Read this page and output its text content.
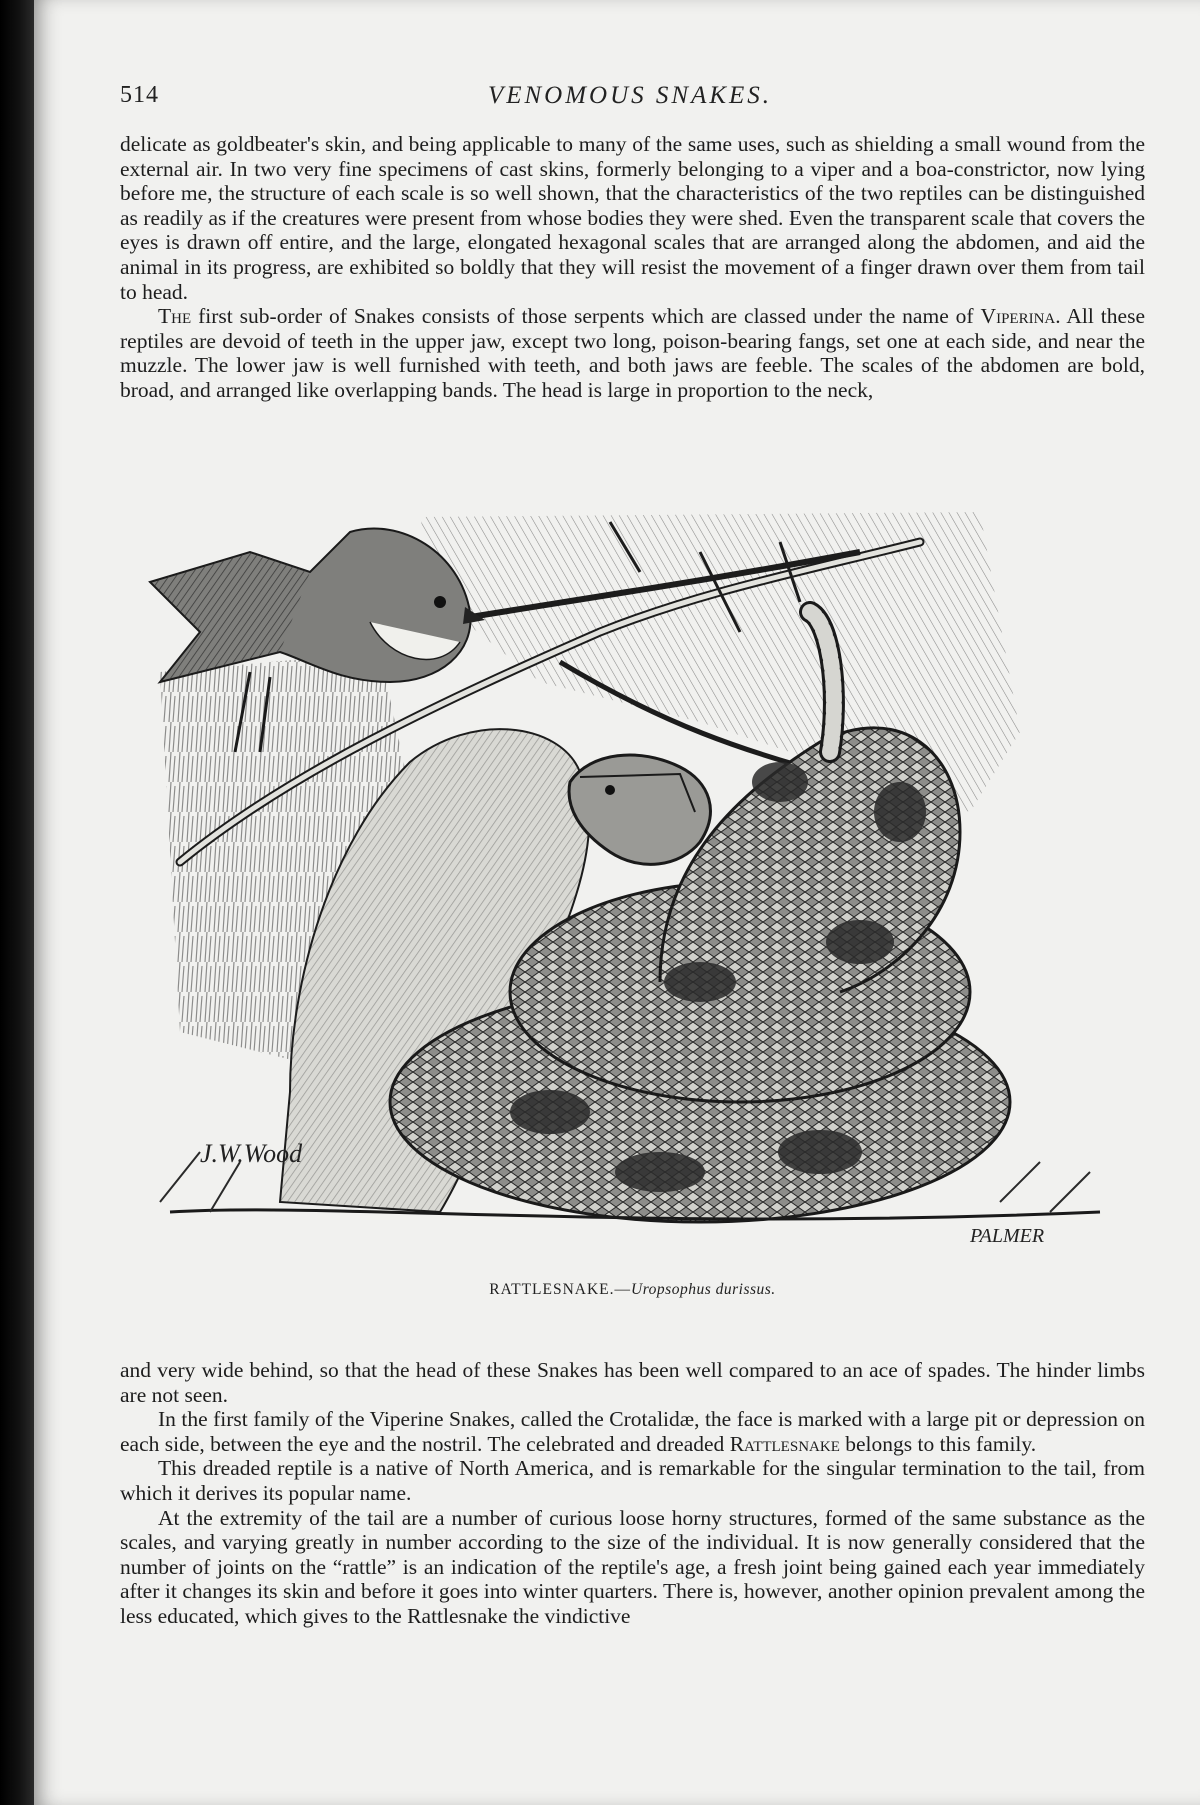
514	VENOMOUS SNAKES.

delicate as goldbeater's skin, and being applicable to many of the same uses, such as shielding a small wound from the external air. In two very fine specimens of cast skins, formerly belonging to a viper and a boa-constrictor, now lying before me, the structure of each scale is so well shown, that the characteristics of the two reptiles can be distinguished as readily as if the creatures were present from whose bodies they were shed. Even the transparent scale that covers the eyes is drawn off entire, and the large, elongated hexagonal scales that are arranged along the abdomen, and aid the animal in its progress, are exhibited so boldly that they will resist the movement of a finger drawn over them from tail to head.

The first sub-order of Snakes consists of those serpents which are classed under the name of Viperina. All these reptiles are devoid of teeth in the upper jaw, except two long, poison-bearing fangs, set one at each side, and near the muzzle. The lower jaw is well furnished with teeth, and both jaws are feeble. The scales of the abdomen are bold, broad, and arranged like overlapping bands. The head is large in proportion to the neck,

J.W.Wood
PALMER
RATTLESNAKE.—Uropsophus durissus.

and very wide behind, so that the head of these Snakes has been well compared to an ace of spades. The hinder limbs are not seen.

In the first family of the Viperine Snakes, called the Crotalidæ, the face is marked with a large pit or depression on each side, between the eye and the nostril. The celebrated and dreaded Rattlesnake belongs to this family.

This dreaded reptile is a native of North America, and is remarkable for the singular termination to the tail, from which it derives its popular name.

At the extremity of the tail are a number of curious loose horny structures, formed of the same substance as the scales, and varying greatly in number according to the size of the individual. It is now generally considered that the number of joints on the “rattle” is an indication of the reptile's age, a fresh joint being gained each year immediately after it changes its skin and before it goes into winter quarters. There is, however, another opinion prevalent among the less educated, which gives to the Rattlesnake the vindictive
